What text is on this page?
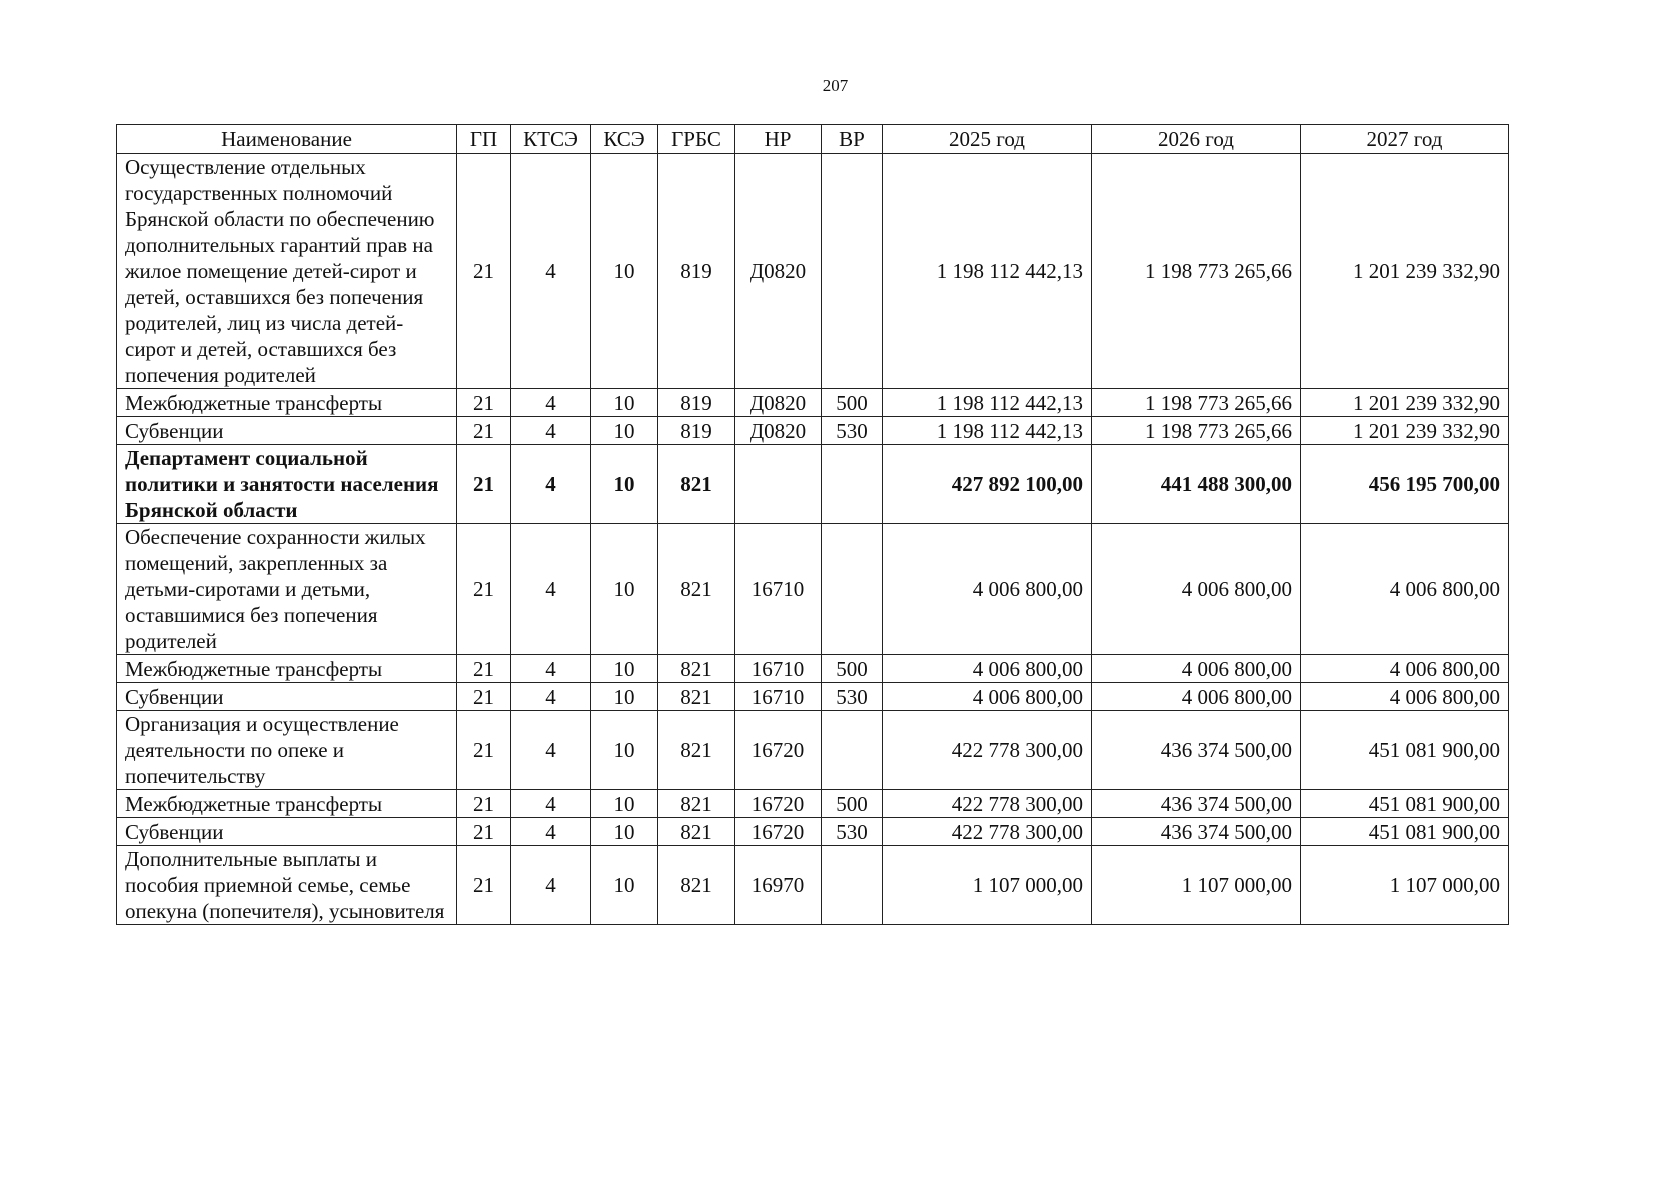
207
Наименование	ГП	КТСЭ	КСЭ	ГРБС	НР	ВР	2025 год	2026 год	2027 год
Осуществление отдельных государственных полномочий Брянской области по обеспечению дополнительных гарантий прав на жилое помещение детей-сирот и детей, оставшихся без попечения родителей, лиц из числа детей-сирот и детей, оставшихся без попечения родителей	21	4	10	819	Д0820		1 198 112 442,13	1 198 773 265,66	1 201 239 332,90
Межбюджетные трансферты	21	4	10	819	Д0820	500	1 198 112 442,13	1 198 773 265,66	1 201 239 332,90
Субвенции	21	4	10	819	Д0820	530	1 198 112 442,13	1 198 773 265,66	1 201 239 332,90
Департамент социальной политики и занятости населения Брянской области	21	4	10	821			427 892 100,00	441 488 300,00	456 195 700,00
Обеспечение сохранности жилых помещений, закрепленных за детьми-сиротами и детьми, оставшимися без попечения родителей	21	4	10	821	16710		4 006 800,00	4 006 800,00	4 006 800,00
Межбюджетные трансферты	21	4	10	821	16710	500	4 006 800,00	4 006 800,00	4 006 800,00
Субвенции	21	4	10	821	16710	530	4 006 800,00	4 006 800,00	4 006 800,00
Организация и осуществление деятельности по опеке и попечительству	21	4	10	821	16720		422 778 300,00	436 374 500,00	451 081 900,00
Межбюджетные трансферты	21	4	10	821	16720	500	422 778 300,00	436 374 500,00	451 081 900,00
Субвенции	21	4	10	821	16720	530	422 778 300,00	436 374 500,00	451 081 900,00
Дополнительные выплаты и пособия приемной семье, семье опекуна (попечителя), усыновителя	21	4	10	821	16970		1 107 000,00	1 107 000,00	1 107 000,00
